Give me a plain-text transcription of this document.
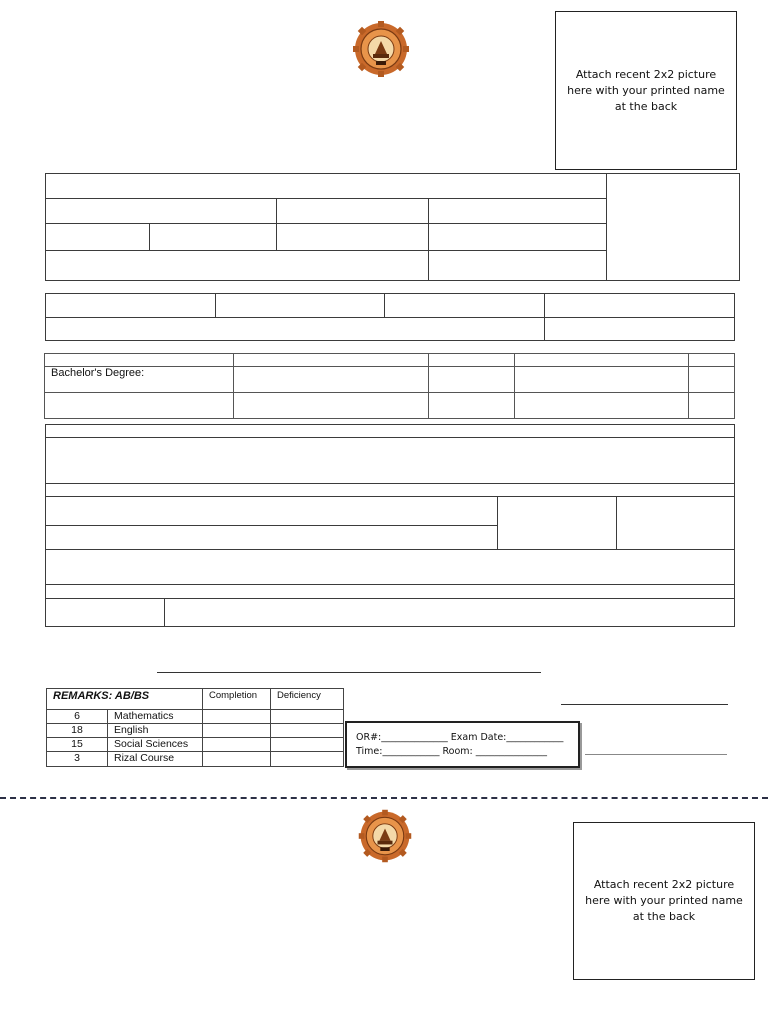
Attach recent 2x2 picture here with your printed name at the back
Bachelor's Degree:
REMARKS: AB/BS	Completion Deficiency
6	Mathematics
18	English
15	Social Sciences
3	Rizal Course
OR#:______________ Exam Date:____________
Time:____________ Room: _______________
Attach recent 2x2 picture here with your printed name at the back
